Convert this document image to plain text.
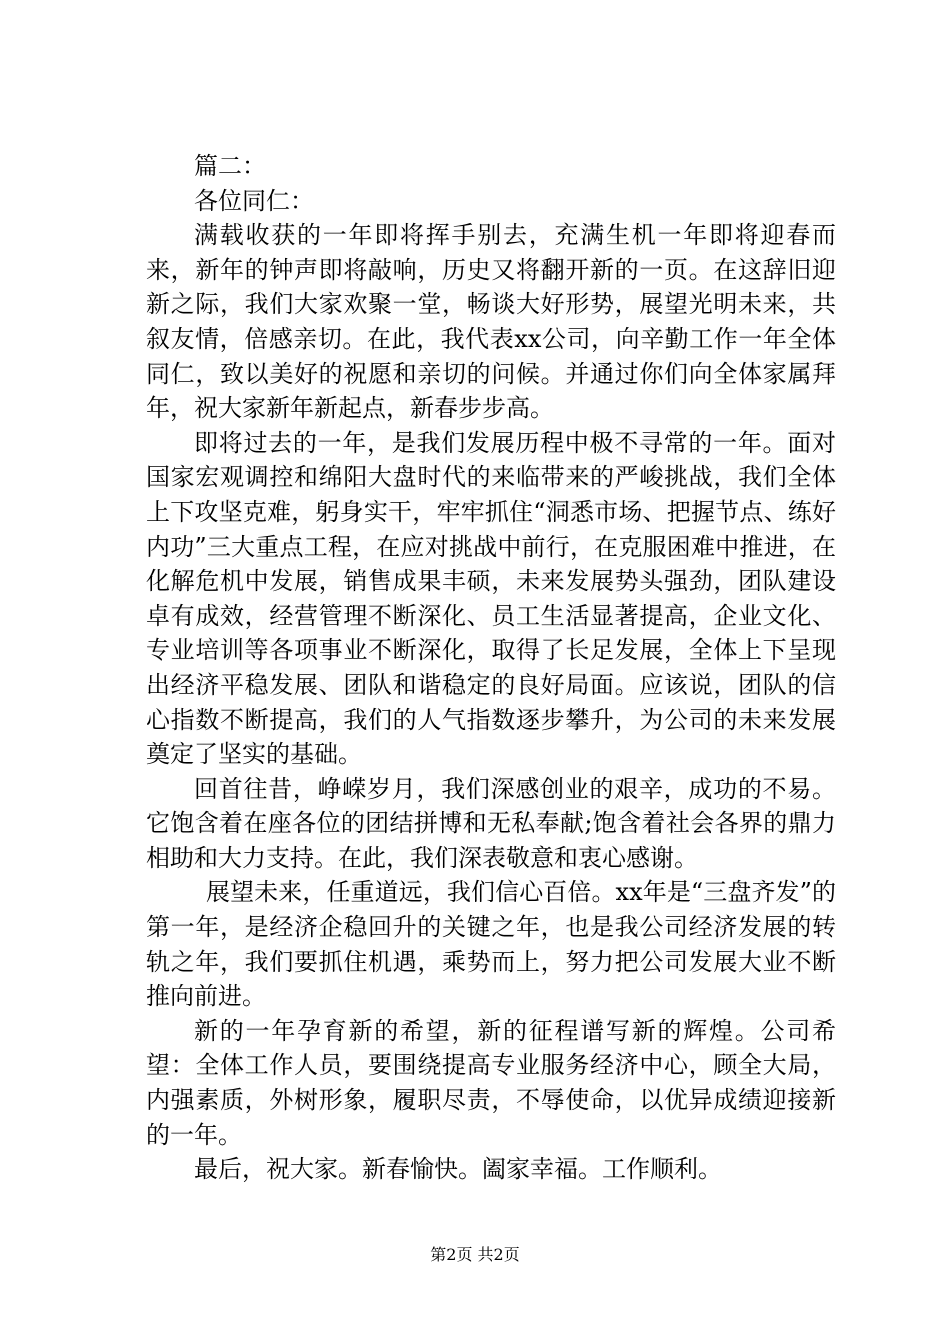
篇二：

各位同仁：

满载收获的一年即将挥手别去，充满生机一年即将迎春而来，新年的钟声即将敲响，历史又将翻开新的一页。在这辞旧迎新之际，我们大家欢聚一堂，畅谈大好形势，展望光明未来，共叙友情，倍感亲切。在此，我代表xx公司，向辛勤工作一年全体同仁，致以美好的祝愿和亲切的问候。并通过你们向全体家属拜年，祝大家新年新起点，新春步步高。

即将过去的一年，是我们发展历程中极不寻常的一年。面对国家宏观调控和绵阳大盘时代的来临带来的严峻挑战，我们全体上下攻坚克难，躬身实干，牢牢抓住“洞悉市场、把握节点、练好内功”三大重点工程，在应对挑战中前行，在克服困难中推进，在化解危机中发展，销售成果丰硕，未来发展势头强劲，团队建设卓有成效，经营管理不断深化、员工生活显著提高，企业文化、专业培训等各项事业不断深化，取得了长足发展，全体上下呈现出经济平稳发展、团队和谐稳定的良好局面。应该说，团队的信心指数不断提高，我们的人气指数逐步攀升，为公司的未来发展奠定了坚实的基础。

回首往昔，峥嵘岁月，我们深感创业的艰辛，成功的不易。它饱含着在座各位的团结拼博和无私奉献;饱含着社会各界的鼎力相助和大力支持。在此，我们深表敬意和衷心感谢。

展望未来，任重道远，我们信心百倍。xx年是“三盘齐发”的第一年，是经济企稳回升的关键之年，也是我公司经济发展的转轨之年，我们要抓住机遇，乘势而上，努力把公司发展大业不断推向前进。

新的一年孕育新的希望，新的征程谱写新的辉煌。公司希望：全体工作人员，要围绕提高专业服务经济中心，顾全大局，内强素质，外树形象，履职尽责，不辱使命，以优异成绩迎接新的一年。

最后，祝大家。新春愉快。阖家幸福。工作顺利。

第2页 共2页
